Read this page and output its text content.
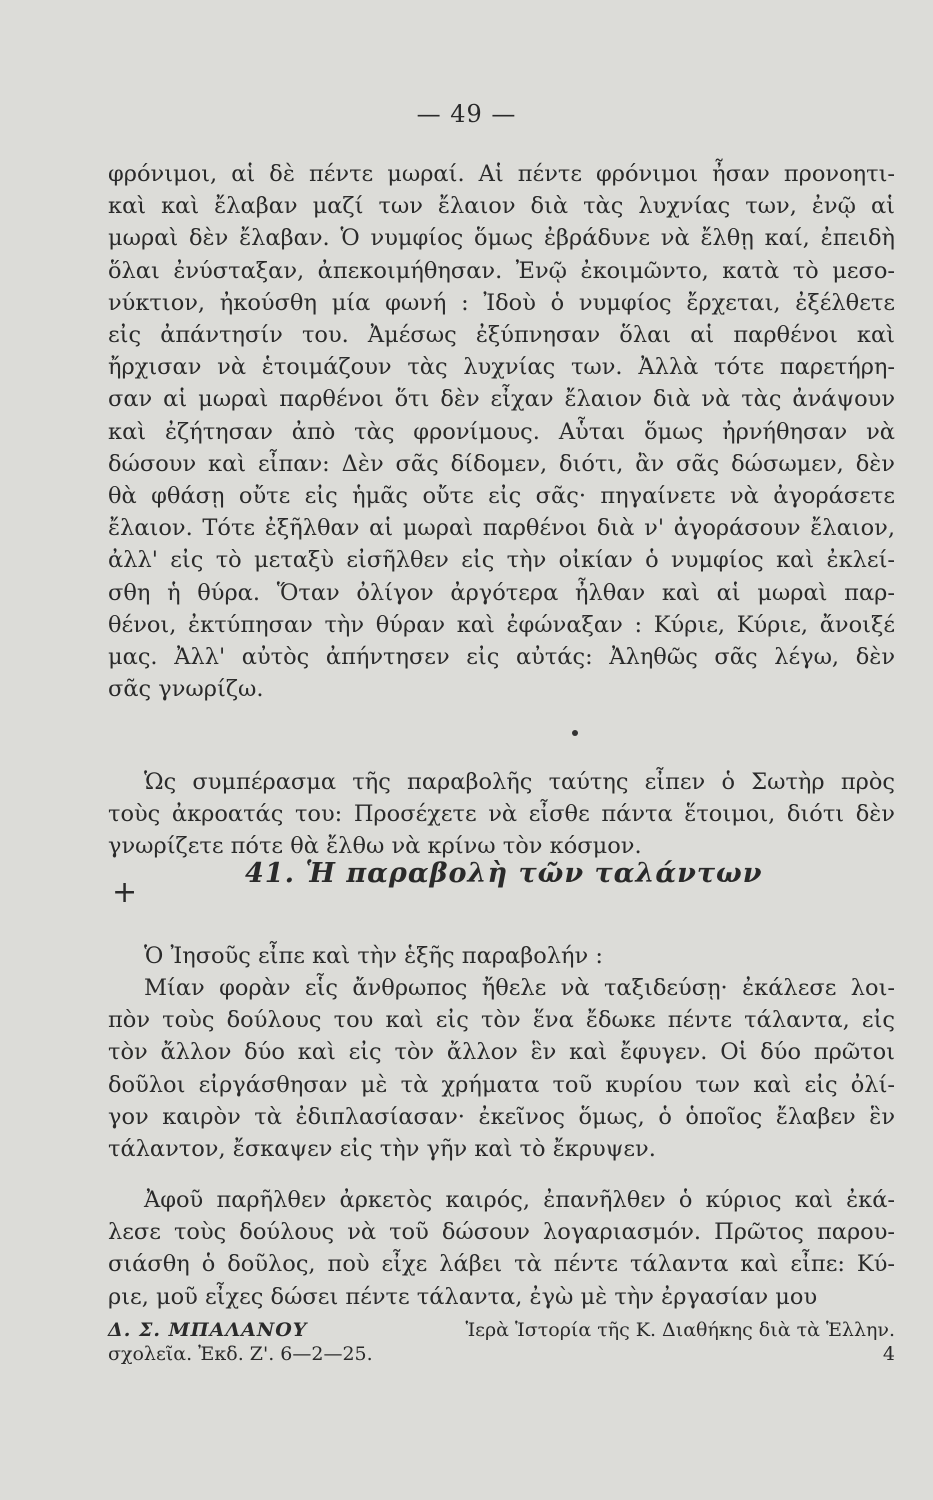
— 49 —
φρόνιμοι, αἱ δὲ πέντε μωραί. Αἱ πέντε φρόνιμοι ἦσαν προνοητι-
καὶ καὶ ἔλαβαν μαζί των ἔλαιον διὰ τὰς λυχνίας των, ἐνῷ αἱ
μωραὶ δὲν ἔλαβαν. Ὁ νυμφίος ὅμως ἐβράδυνε νὰ ἔλθῃ καί, ἐπειδὴ
ὅλαι ἐνύσταξαν, ἀπεκοιμήθησαν. Ἐνῷ ἐκοιμῶντο, κατὰ τὸ μεσο-
νύκτιον, ἠκούσθη μία φωνή : Ἰδοὺ ὁ νυμφίος ἔρχεται, ἐξέλθετε
εἰς ἀπάντησίν του. Ἀμέσως ἐξύπνησαν ὅλαι αἱ παρθένοι καὶ
ἤρχισαν νὰ ἑτοιμάζουν τὰς λυχνίας των. Ἀλλὰ τότε παρετήρη-
σαν αἱ μωραὶ παρθένοι ὅτι δὲν εἶχαν ἔλαιον διὰ νὰ τὰς ἀνάψουν
καὶ ἐζήτησαν ἀπὸ τὰς φρονίμους. Αὗται ὅμως ἠρνήθησαν νὰ
δώσουν καὶ εἶπαν: Δὲν σᾶς δίδομεν, διότι, ἂν σᾶς δώσωμεν, δὲν
θὰ φθάσῃ οὔτε εἰς ἡμᾶς οὔτε εἰς σᾶς· πηγαίνετε νὰ ἀγοράσετε
ἔλαιον. Τότε ἐξῆλθαν αἱ μωραὶ παρθένοι διὰ ν' ἀγοράσουν ἔλαιον,
ἀλλ' εἰς τὸ μεταξὺ εἰσῆλθεν εἰς τὴν οἰκίαν ὁ νυμφίος καὶ ἐκλεί-
σθη ἡ θύρα. Ὅταν ὀλίγον ἀργότερα ἦλθαν καὶ αἱ μωραὶ παρ-
θένοι, ἐκτύπησαν τὴν θύραν καὶ ἐφώναξαν : Κύριε, Κύριε, ἄνοιξέ
μας. Ἀλλ' αὐτὸς ἀπήντησεν εἰς αὐτάς: Ἀληθῶς σᾶς λέγω, δὲν
σᾶς γνωρίζω.
Ὡς συμπέρασμα τῆς παραβολῆς ταύτης εἶπεν ὁ Σωτὴρ πρὸς
τοὺς ἀκροατάς του: Προσέχετε νὰ εἶσθε πάντα ἕτοιμοι, διότι δὲν
γνωρίζετε πότε θὰ ἔλθω νὰ κρίνω τὸν κόσμον.
+
41. Ἡ παραβολὴ τῶν ταλάντων
Ὁ Ἰησοῦς εἶπε καὶ τὴν ἑξῆς παραβολήν :
Μίαν φορὰν εἷς ἄνθρωπος ἤθελε νὰ ταξιδεύσῃ· ἐκάλεσε λοι-
πὸν τοὺς δούλους του καὶ εἰς τὸν ἕνα ἔδωκε πέντε τάλαντα, εἰς
τὸν ἄλλον δύο καὶ εἰς τὸν ἄλλον ἓν καὶ ἔφυγεν. Οἱ δύο πρῶτοι
δοῦλοι εἰργάσθησαν μὲ τὰ χρήματα τοῦ κυρίου των καὶ εἰς ὀλί-
γον καιρὸν τὰ ἐδιπλασίασαν· ἐκεῖνος ὅμως, ὁ ὁποῖος ἔλαβεν ἓν
τάλαντον, ἔσκαψεν εἰς τὴν γῆν καὶ τὸ ἔκρυψεν.
Ἀφοῦ παρῆλθεν ἀρκετὸς καιρός, ἐπανῆλθεν ὁ κύριος καὶ ἐκά-
λεσε τοὺς δούλους νὰ τοῦ δώσουν λογαριασμόν. Πρῶτος παρου-
σιάσθη ὁ δοῦλος, ποὺ εἶχε λάβει τὰ πέντε τάλαντα καὶ εἶπε: Κύ-
ριε, μοῦ εἶχες δώσει πέντε τάλαντα, ἐγὼ μὲ τὴν ἐργασίαν μου
Δ. Σ. ΜΠΑΛΑΝΟΥ	Ἱερὰ Ἱστορία τῆς Κ. Διαθήκης διὰ τὰ Ἑλλην.
σχολεῖα. Ἐκδ. Ζ'. 6—2—25.	4
